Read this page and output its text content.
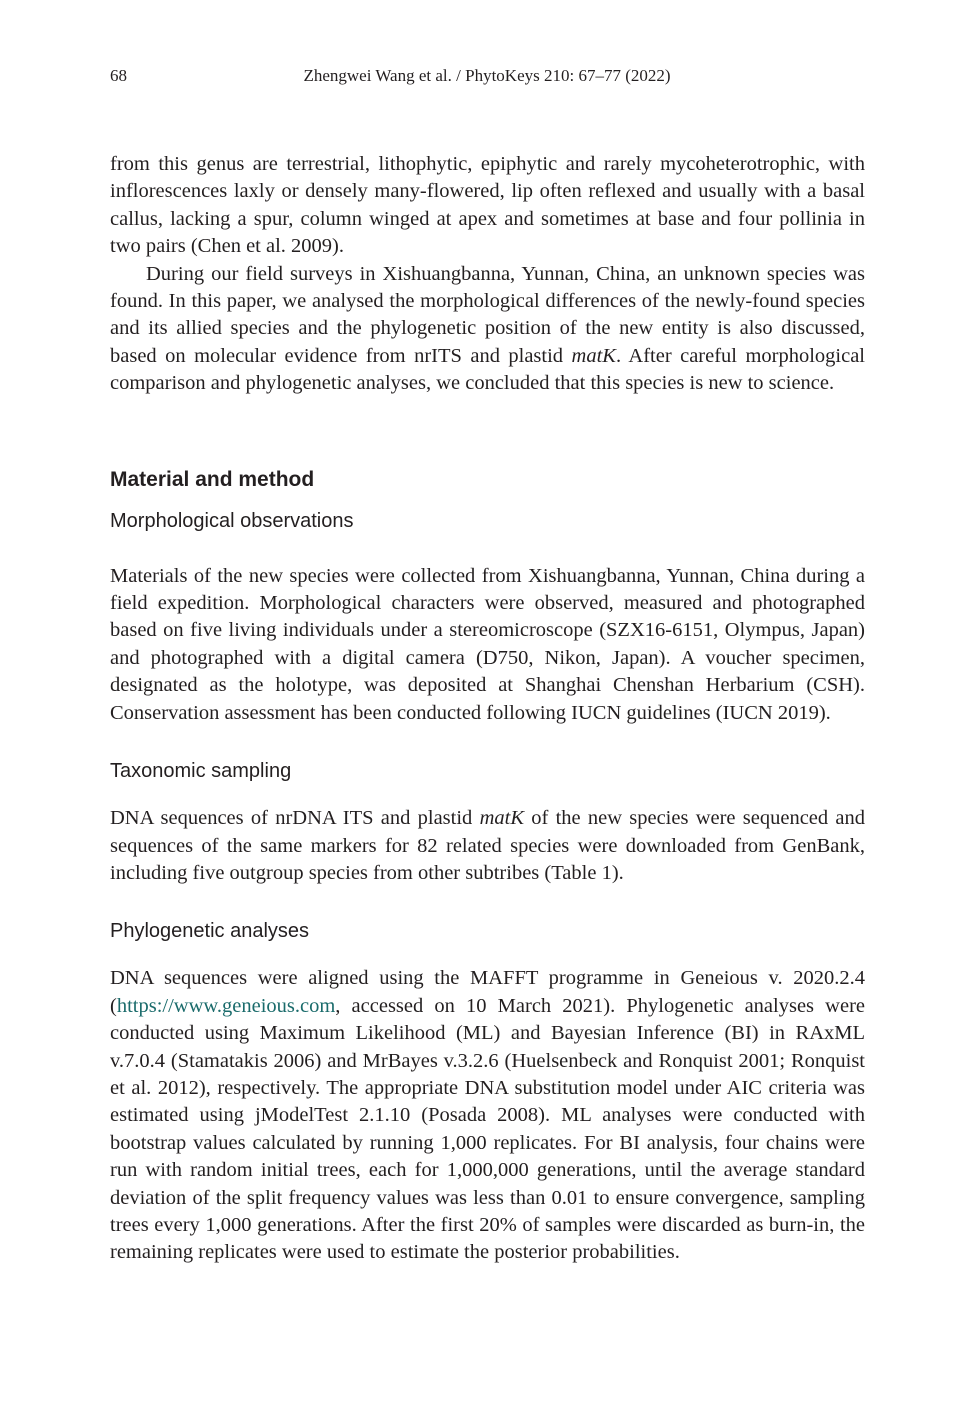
68	Zhengwei Wang et al. / PhytoKeys 210: 67–77 (2022)

from this genus are terrestrial, lithophytic, epiphytic and rarely mycoheterotrophic, with inflorescences laxly or densely many-flowered, lip often reflexed and usually with a basal callus, lacking a spur, column winged at apex and sometimes at base and four pollinia in two pairs (Chen et al. 2009).

During our field surveys in Xishuangbanna, Yunnan, China, an unknown species was found. In this paper, we analysed the morphological differences of the newly-found species and its allied species and the phylogenetic position of the new entity is also discussed, based on molecular evidence from nrITS and plastid matK. After careful morphological comparison and phylogenetic analyses, we concluded that this species is new to science.

Material and method
Morphological observations

Materials of the new species were collected from Xishuangbanna, Yunnan, China during a field expedition. Morphological characters were observed, measured and photographed based on five living individuals under a stereomicroscope (SZX16-6151, Olympus, Japan) and photographed with a digital camera (D750, Nikon, Japan). A voucher specimen, designated as the holotype, was deposited at Shanghai Chenshan Herbarium (CSH). Conservation assessment has been conducted following IUCN guidelines (IUCN 2019).

Taxonomic sampling

DNA sequences of nrDNA ITS and plastid matK of the new species were sequenced and sequences of the same markers for 82 related species were downloaded from GenBank, including five outgroup species from other subtribes (Table 1).

Phylogenetic analyses

DNA sequences were aligned using the MAFFT programme in Geneious v. 2020.2.4 (https://www.geneious.com, accessed on 10 March 2021). Phylogenetic analyses were conducted using Maximum Likelihood (ML) and Bayesian Inference (BI) in RAxML v.7.0.4 (Stamatakis 2006) and MrBayes v.3.2.6 (Huelsenbeck and Ronquist 2001; Ronquist et al. 2012), respectively. The appropriate DNA substitution model under AIC criteria was estimated using jModelTest 2.1.10 (Posada 2008). ML analyses were conducted with bootstrap values calculated by running 1,000 replicates. For BI analysis, four chains were run with random initial trees, each for 1,000,000 generations, until the average standard deviation of the split frequency values was less than 0.01 to ensure convergence, sampling trees every 1,000 generations. After the first 20% of samples were discarded as burn-in, the remaining replicates were used to estimate the posterior probabilities.
